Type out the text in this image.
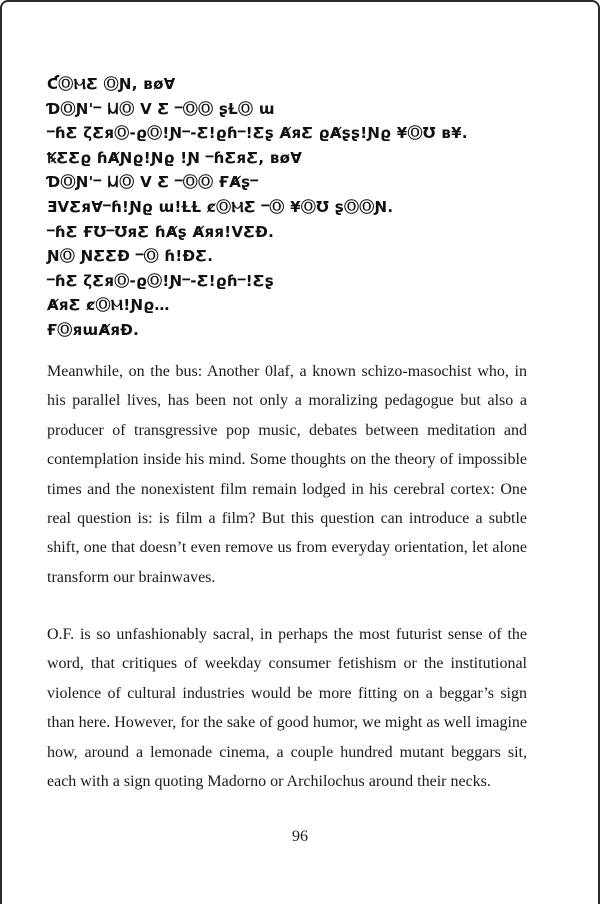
ƇⓄⲘƸ ⓄƝ, ʙøⱯ
ƊⓄƝ'ⲻ ⲘⓄ Ⅴ Ƹ ⲻⓄⓄ ʂⱢⓄ ɯ
ⲻɦƸ ζƸяⓄ-ϱⓄ!Ɲⲻ-Ƹ!ϱɦⲻ!Ƹʂ ȺяƸ ϱȺʂʂ!Ɲϱ ¥ⓄƱ ʙ¥.
ꝄƸƸϱ ɦȺƝϱ!Ɲϱ !Ɲ ⲻɦƸяƸ, ʙøⱯ
ƊⓄƝ'ⲻ ⲘⓄ Ⅴ Ƹ ⲻⓄⓄ ҒȺʂⲻ
ƎⅤƸяⱯⲻɦ!Ɲϱ ɯ!ⱢⱢ ȼⓄⲘƸ ⲻⓄ ¥ⓄƱ ʂⓄⓄƝ.
ⲻɦƸ ҒƱⲻƱяƸ ɦȺʂ Ⱥяя!ⅤƸƉ.
ƝⓄ ƝƸƸƉ ⲻⓄ ɦ!ƉƸ.
ⲻɦƸ ζƸяⓄ-ϱⓄ!Ɲⲻ-Ƹ!ϱɦⲻ!Ƹʂ
ȺяƸ ȼⓄⲘ!Ɲϱ…
ҒⓄяɯȺяƉ.

Meanwhile, on the bus: Another 0laf, a known schizo-masochist who, in his parallel lives, has been not only a moralizing pedagogue but also a producer of transgressive pop music, debates between meditation and contemplation inside his mind. Some thoughts on the theory of impossible times and the nonexistent film remain lodged in his cerebral cortex: One real question is: is film a film? But this question can introduce a subtle shift, one that doesn’t even remove us from everyday orientation, let alone transform our brainwaves.

O.F. is so unfashionably sacral, in perhaps the most futurist sense of the word, that critiques of weekday consumer fetishism or the institutional violence of cultural industries would be more fitting on a beggar’s sign than here. However, for the sake of good humor, we might as well imagine how, around a lemonade cinema, a couple hundred mutant beggars sit, each with a sign quoting Madorno or Archilochus around their necks.

96
